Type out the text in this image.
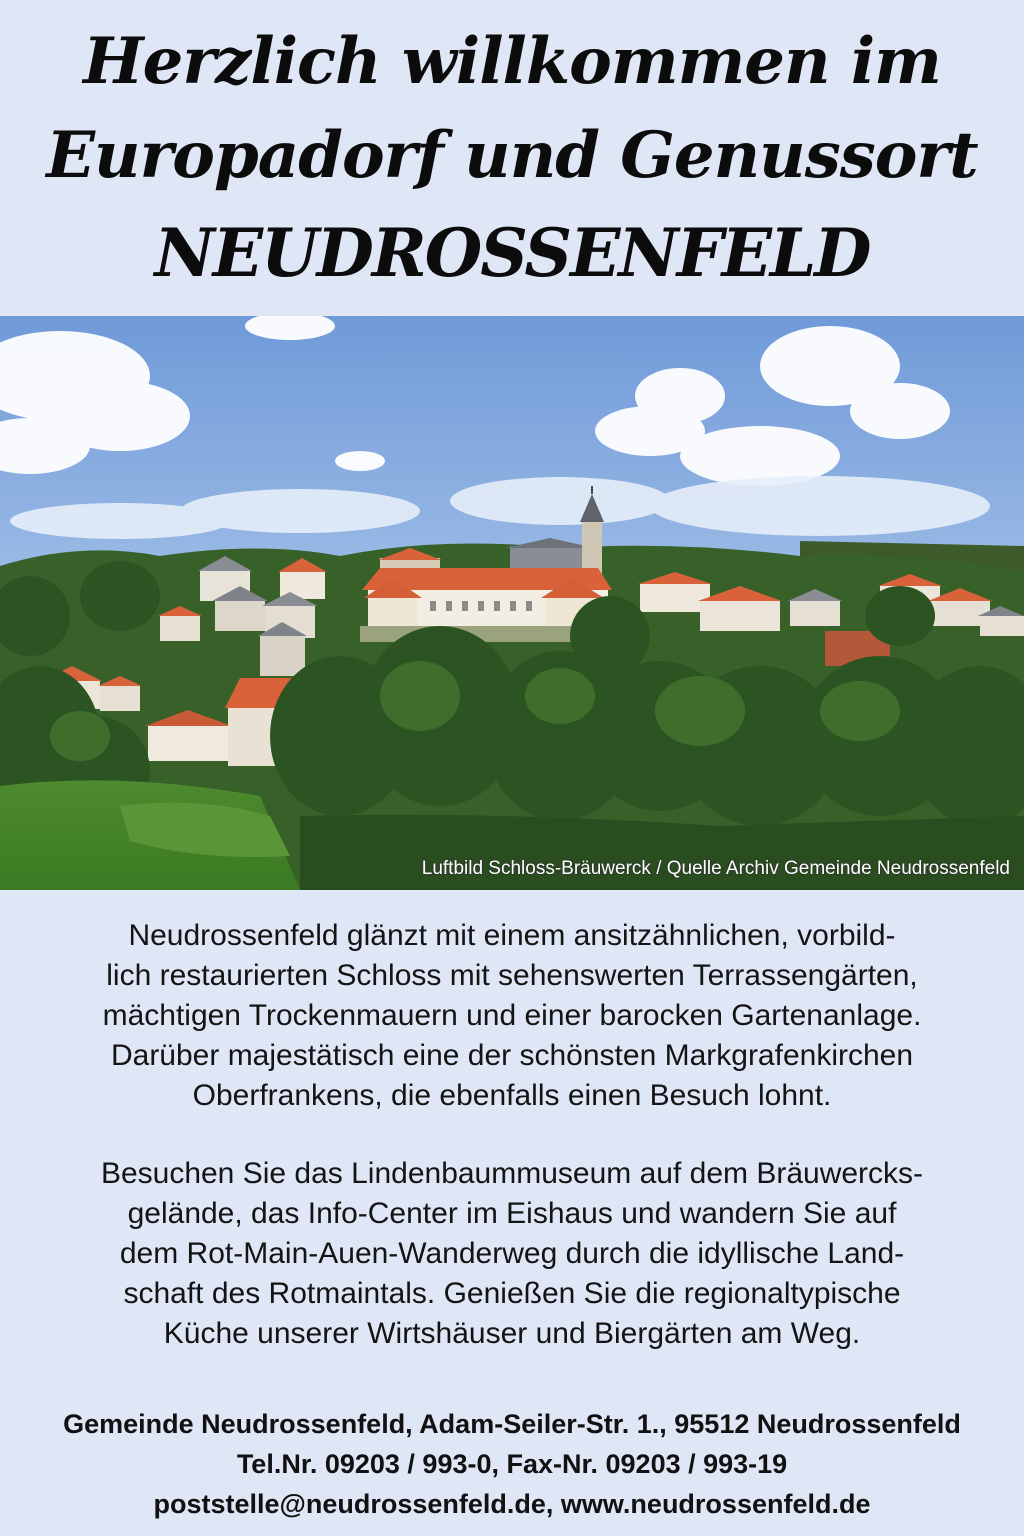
Herzlich willkommen im
Europadorf und Genussort
NEUDROSSENFELD
Luftbild Schloss-Bräuwerck / Quelle Archiv Gemeinde Neudrossenfeld

Neudrossenfeld glänzt mit einem ansitzähnlichen, vorbild-
lich restaurierten Schloss mit sehenswerten Terrassengärten,
mächtigen Trockenmauern und einer barocken Gartenanlage.
Darüber majestätisch eine der schönsten Markgrafenkirchen
Oberfrankens, die ebenfalls einen Besuch lohnt.

Besuchen Sie das Lindenbaummuseum auf dem Bräuwercks-
gelände, das Info-Center im Eishaus und wandern Sie auf
dem Rot-Main-Auen-Wanderweg durch die idyllische Land-
schaft des Rotmaintals. Genießen Sie die regionaltypische
Küche unserer Wirtshäuser und Biergärten am Weg.

Gemeinde Neudrossenfeld, Adam-Seiler-Str. 1., 95512 Neudrossenfeld
Tel.Nr. 09203 / 993-0, Fax-Nr. 09203 / 993-19
poststelle@neudrossenfeld.de, www.neudrossenfeld.de
